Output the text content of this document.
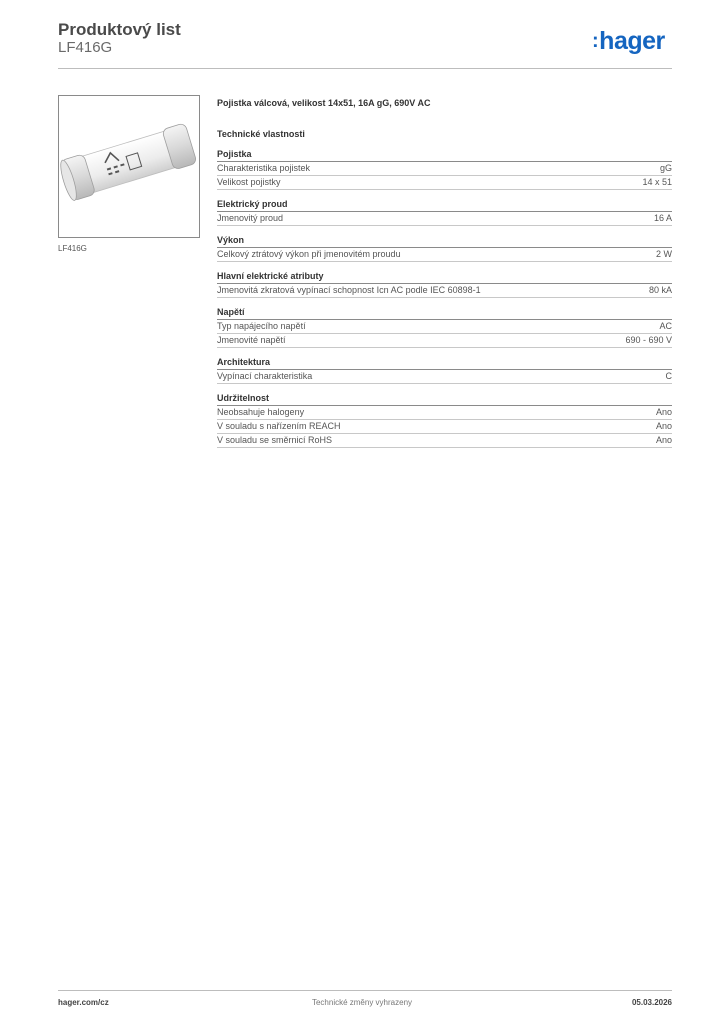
Produktový list
LF416G	:hager
LF416G
Pojistka válcová, velikost 14x51, 16A gG, 690V AC
Technické vlastnosti
Pojistka
Charakteristika pojistek	gG
Velikost pojistky	14 x 51
Elektrický proud
Jmenovitý proud	16 A
Výkon
Celkový ztrátový výkon při jmenovitém proudu	2 W
Hlavní elektrické atributy
Jmenovitá zkratová vypínací schopnost Icn AC podle IEC 60898-1	80 kA
Napětí
Typ napájecího napětí	AC
Jmenovité napětí	690 - 690 V
Architektura
Vypínací charakteristika	C
Udržitelnost
Neobsahuje halogeny	Ano
V souladu s nařízením REACH	Ano
V souladu se směrnicí RoHS	Ano
hager.com/cz	Technické změny vyhrazeny	05.03.2026
